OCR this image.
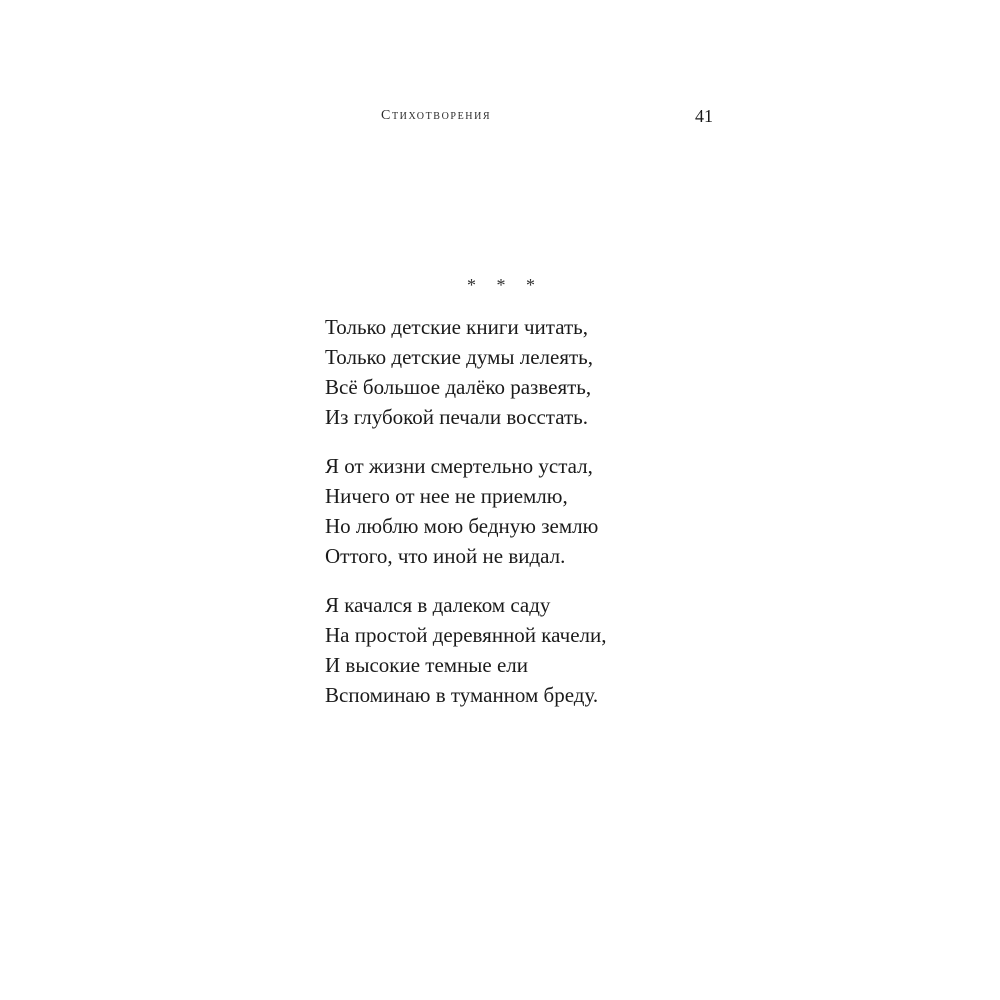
Стихотворения	41
* * *
Только детские книги читать,
Только детские думы лелеять,
Всё большое далёко развеять,
Из глубокой печали восстать.
Я от жизни смертельно устал,
Ничего от нее не приемлю,
Но люблю мою бедную землю
Оттого, что иной не видал.
Я качался в далеком саду
На простой деревянной качели,
И высокие темные ели
Вспоминаю в туманном бреду.
